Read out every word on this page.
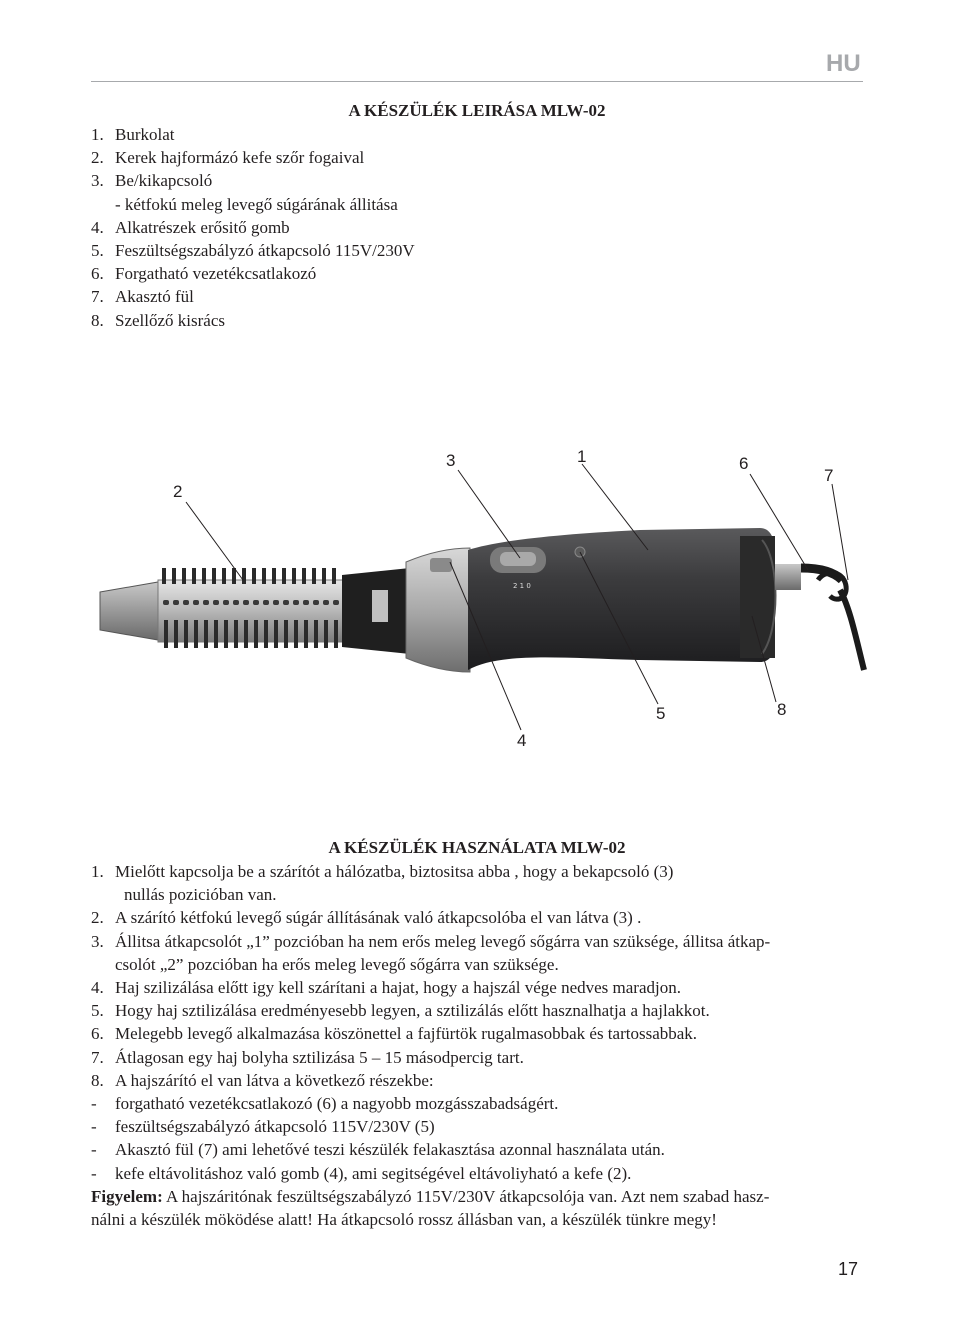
HU
A KÉSZÜLÉK LEIRÁSA MLW-02
1. Burkolat
2. Kerek hajformázó kefe szőr fogaival
3. Be/kikapcsoló
- kétfokú meleg levegő súgárának állitása
4. Alkatrészek erősitő gomb
5. Feszültségszabályzó átkapcsoló 115V/230V
6. Forgatható vezetékcsatlakozó
7. Akasztó fül
8. Szellőző kisrács
2 1 0
1
2
3
4
5
6
7
8
A KÉSZÜLÉK HASZNÁLATA MLW-02
1. Mielőtt kapcsolja be a szárítót a hálózatba, biztositsa abba , hogy a bekapcsoló (3)
nullás pozicióban van.
2. A szárító kétfokú levegő súgár állításának való átkapcsolóba el van látva (3) .
3. Állitsa átkapcsolót „1” pozcióban ha nem erős meleg levegő sőgárra van szüksége, állitsa átkap-
csolót „2” pozcióban ha erős meleg levegő sőgárra van szüksége.
4. Haj szilizálása előtt igy kell szárítani a hajat, hogy a hajszál vége nedves maradjon.
5. Hogy haj sztilizálása eredményesebb legyen, a sztilizálás előtt hasznalhatja a hajlakkot.
6. Melegebb levegő alkalmazása köszönettel a fajfürtök rugalmasobbak és tartossabbak.
7. Átlagosan egy haj bolyha sztilizása 5 – 15 másodpercig tart.
8. A hajszárító el van látva a következő részekbe:
-	forgatható vezetékcsatlakozó (6) a nagyobb mozgásszabadságért.
-	feszültségszabályzó átkapcsoló 115V/230V (5)
-	Akasztó fül (7) ami lehetővé teszi készülék felakasztása azonnal használata után.
-	kefe eltávolitáshoz való gomb (4), ami segitségével eltávoliyható a kefe (2).
Figyelem: A hajszáritónak feszültségszabályzó 115V/230V átkapcsolója van. Azt nem szabad hasz-
nálni a készülék möködése alatt! Ha átkapcsoló rossz állásban van, a készülék tünkre megy!
17
